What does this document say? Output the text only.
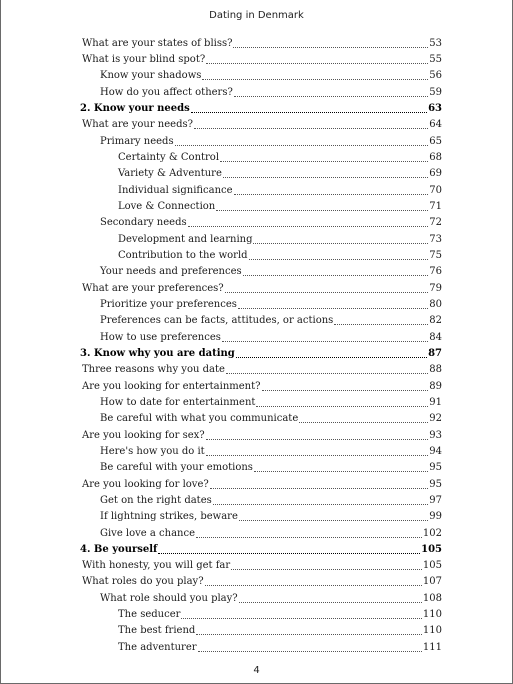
Dating in Denmark
What are your states of bliss?	53
What is your blind spot?	55
Know your shadows	56
How do you affect others?	59
2. Know your needs	63
What are your needs?	64
Primary needs	65
Certainty & Control	68
Variety & Adventure	69
Individual significance	70
Love & Connection	71
Secondary needs	72
Development and learning	73
Contribution to the world	75
Your needs and preferences	76
What are your preferences?	79
Prioritize your preferences	80
Preferences can be facts, attitudes, or actions	82
How to use preferences	84
3. Know why you are dating	87
Three reasons why you date	88
Are you looking for entertainment?	89
How to date for entertainment	91
Be careful with what you communicate	92
Are you looking for sex?	93
Here's how you do it	94
Be careful with your emotions	95
Are you looking for love?	95
Get on the right dates	97
If lightning strikes, beware	99
Give love a chance	102
4. Be yourself	105
With honesty, you will get far	105
What roles do you play?	107
What role should you play?	108
The seducer	110
The best friend	110
The adventurer	111
4
